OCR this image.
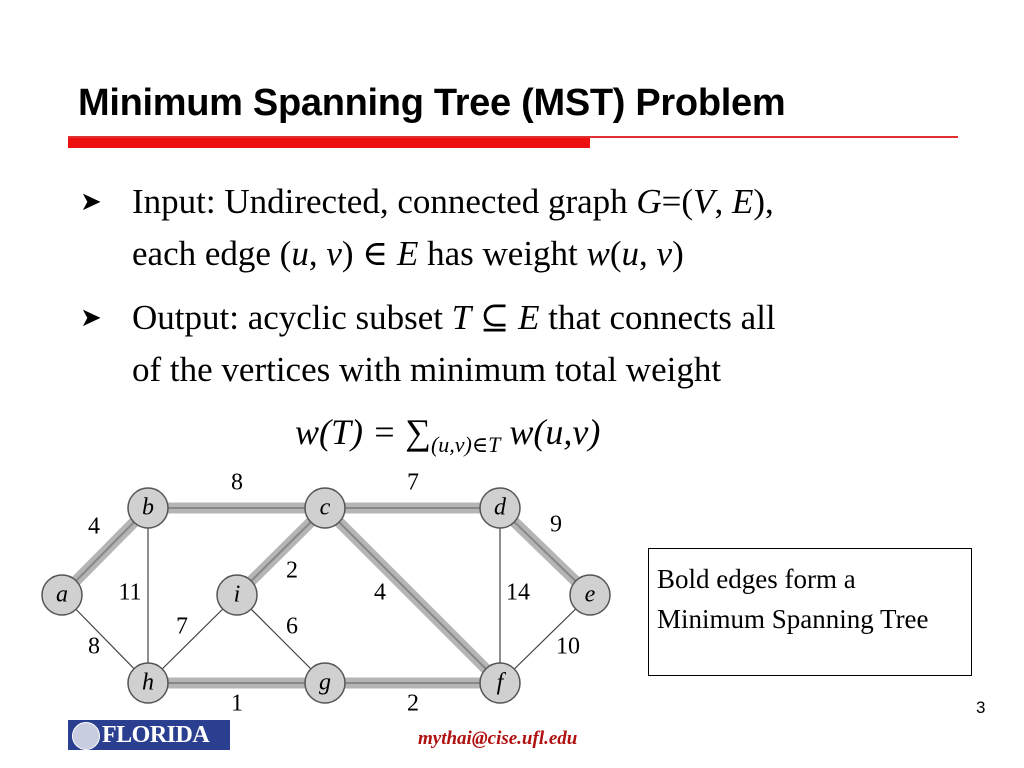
Minimum Spanning Tree (MST) Problem
➤ Input: Undirected, connected graph G=(V, E),
each edge (u, v) ∈ E has weight w(u, v)
➤ Output: acyclic subset T ⊆ E that connects all
of the vertices with minimum total weight
$w(T) = \sum_{(u,v)\in T}$ w(u,v)
4
8
8
11
7
2
4
9
14
10
2
1
6
7
a
b	c	d
e
f
g
h
i
Bold edges form a Minimum Spanning Tree
3
FLORIDA	mythai@cise.ufl.edu
